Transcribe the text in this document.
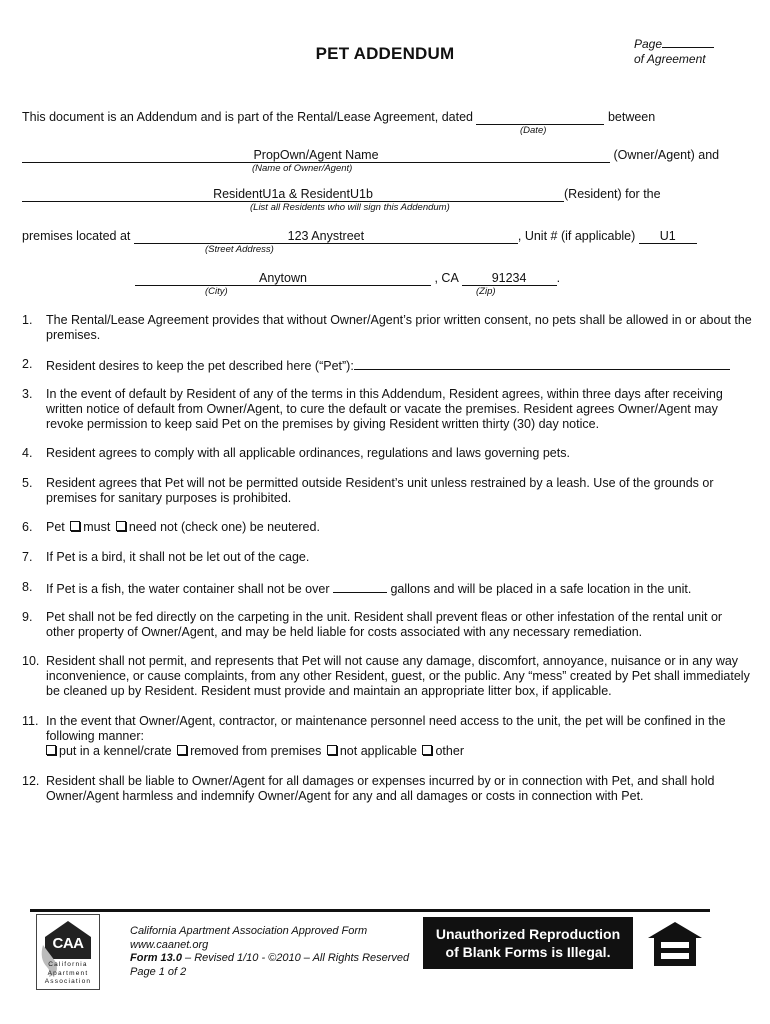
PET ADDENDUM	Page
of Agreement
This document is an Addendum and is part of the Rental/Lease Agreement, dated	between
(Date)
PropOwn/Agent Name	(Owner/Agent) and
(Name of Owner/Agent)
ResidentU1a & ResidentU1b	(Resident) for the
(List all Residents who will sign this Addendum)
premises located at	123 Anystreet	, Unit # (if applicable) U1
(Street Address)
Anytown	, CA	91234 .
(City)	(Zip)
1.	The Rental/Lease Agreement provides that without Owner/Agent’s prior written consent, no pets shall be allowed in or about the premises.
2.	Resident desires to keep the pet described here (“Pet”):
3.	In the event of default by Resident of any of the terms in this Addendum, Resident agrees, within three days after receiving written notice of default from Owner/Agent, to cure the default or vacate the premises. Resident agrees Owner/Agent may revoke permission to keep said Pet on the premises by giving Resident written thirty (30) day notice.
4.	Resident agrees to comply with all applicable ordinances, regulations and laws governing pets.
5.	Resident agrees that Pet will not be permitted outside Resident’s unit unless restrained by a leash. Use of the grounds or premises for sanitary purposes is prohibited.
6.	Pet must need not (check one) be neutered.
7.	If Pet is a bird, it shall not be let out of the cage.
8.	If Pet is a fish, the water container shall not be over	gallons and will be placed in a safe location in the unit.
9.	Pet shall not be fed directly on the carpeting in the unit. Resident shall prevent fleas or other infestation of the rental unit or other property of Owner/Agent, and may be held liable for costs associated with any necessary remediation.
10. Resident shall not permit, and represents that Pet will not cause any damage, discomfort, annoyance, nuisance or in any way inconvenience, or cause complaints, from any other Resident, guest, or the public. Any “mess” created by Pet shall immediately be cleaned up by Resident. Resident must provide and maintain an appropriate litter box, if applicable.
11. In the event that Owner/Agent, contractor, or maintenance personnel need access to the unit, the pet will be confined in the following manner:
put in a kennel/crate removed from premises not applicable other
12. Resident shall be liable to Owner/Agent for all damages or expenses incurred by or in connection with Pet, and shall hold Owner/Agent harmless and indemnify Owner/Agent for any and all damages or costs in connection with Pet.
CAA
California
Apartment
Association
California Apartment Association Approved Form
www.caanet.org
Form 13.0 – Revised 1/10 - ©2010 – All Rights Reserved
Page 1 of 2
Unauthorized Reproduction
of Blank Forms is Illegal.
